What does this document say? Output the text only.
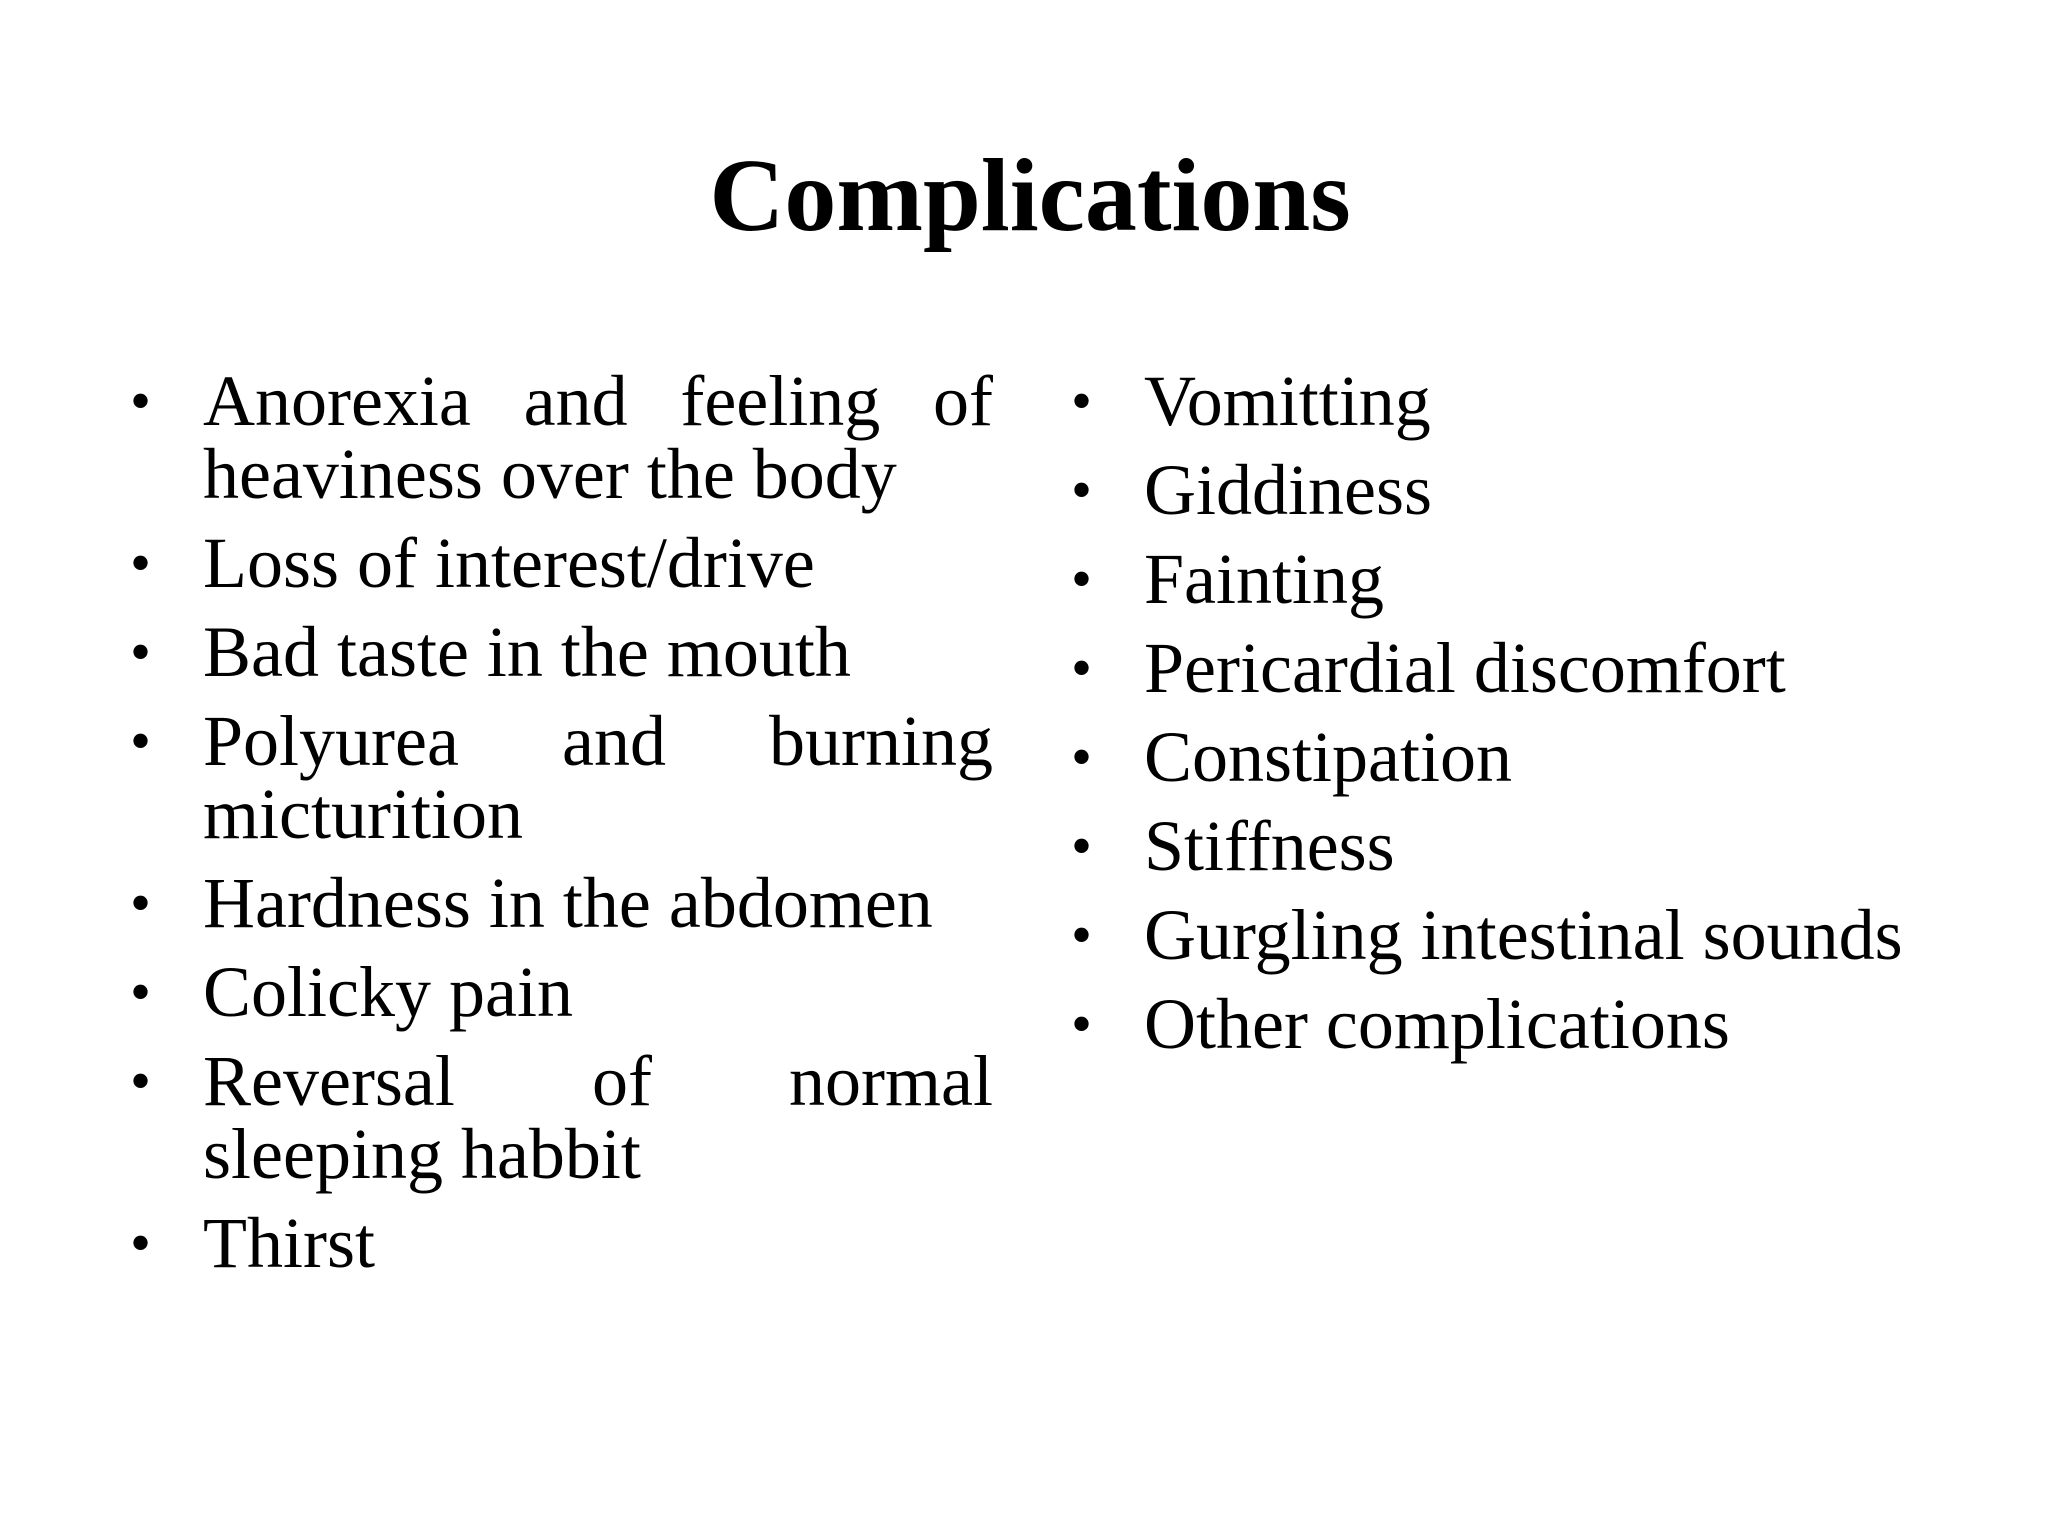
Complications
• Anorexia and feeling of heaviness over the body
• Loss of interest/drive
• Bad taste in the mouth
• Polyurea and burning micturition
• Hardness in the abdomen
• Colicky pain
• Reversal of normal sleeping habbit
• Thirst
• Vomitting
• Giddiness
• Fainting
• Pericardial discomfort
• Constipation
• Stiffness
• Gurgling intestinal sounds
• Other complications
